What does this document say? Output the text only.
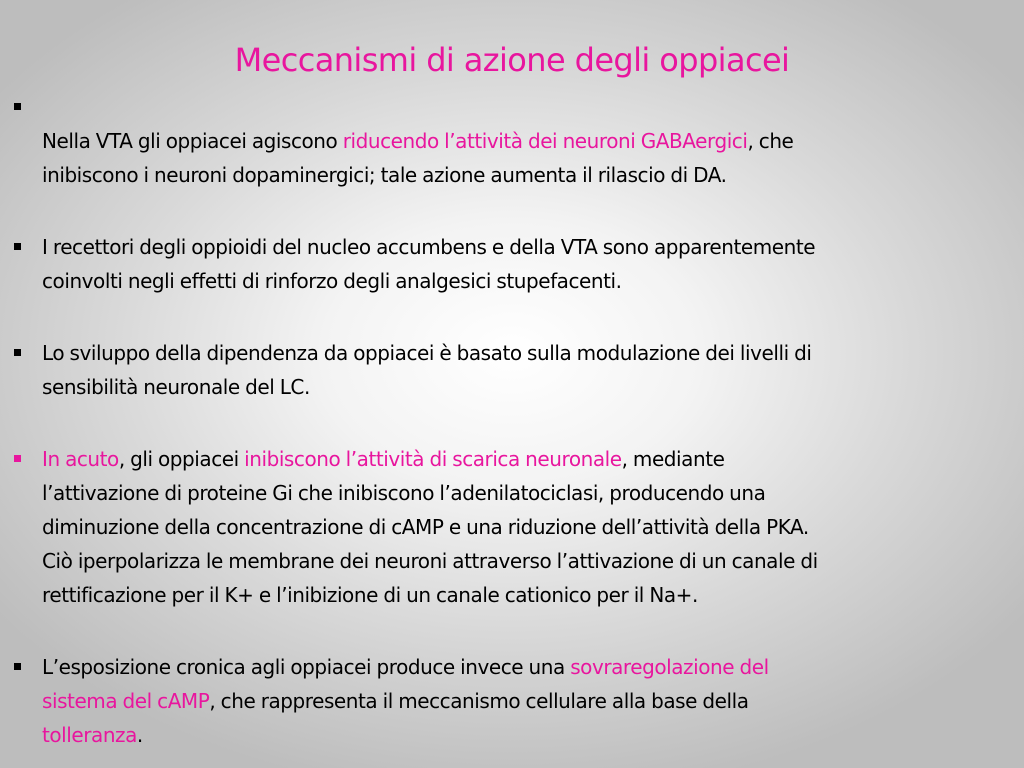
Meccanismi di azione degli oppiacei

Nella VTA gli oppiacei agiscono riducendo l’attività dei neuroni GABAergici, che
inibiscono i neuroni dopaminergici; tale azione aumenta il rilascio di DA.
I recettori degli oppioidi del nucleo accumbens e della VTA sono apparentemente
coinvolti negli effetti di rinforzo degli analgesici stupefacenti.
Lo sviluppo della dipendenza da oppiacei è basato sulla modulazione dei livelli di
sensibilità neuronale del LC.
In acuto, gli oppiacei inibiscono l’attività di scarica neuronale, mediante
l’attivazione di proteine Gi che inibiscono l’adenilatociclasi, producendo una
diminuzione della concentrazione di cAMP e una riduzione dell’attività della PKA.
Ciò iperpolarizza le membrane dei neuroni attraverso l’attivazione di un canale di
rettificazione per il K+ e l’inibizione di un canale cationico per il Na+.
L’esposizione cronica agli oppiacei produce invece una sovraregolazione del
sistema del cAMP, che rappresenta il meccanismo cellulare alla base della
tolleranza.
